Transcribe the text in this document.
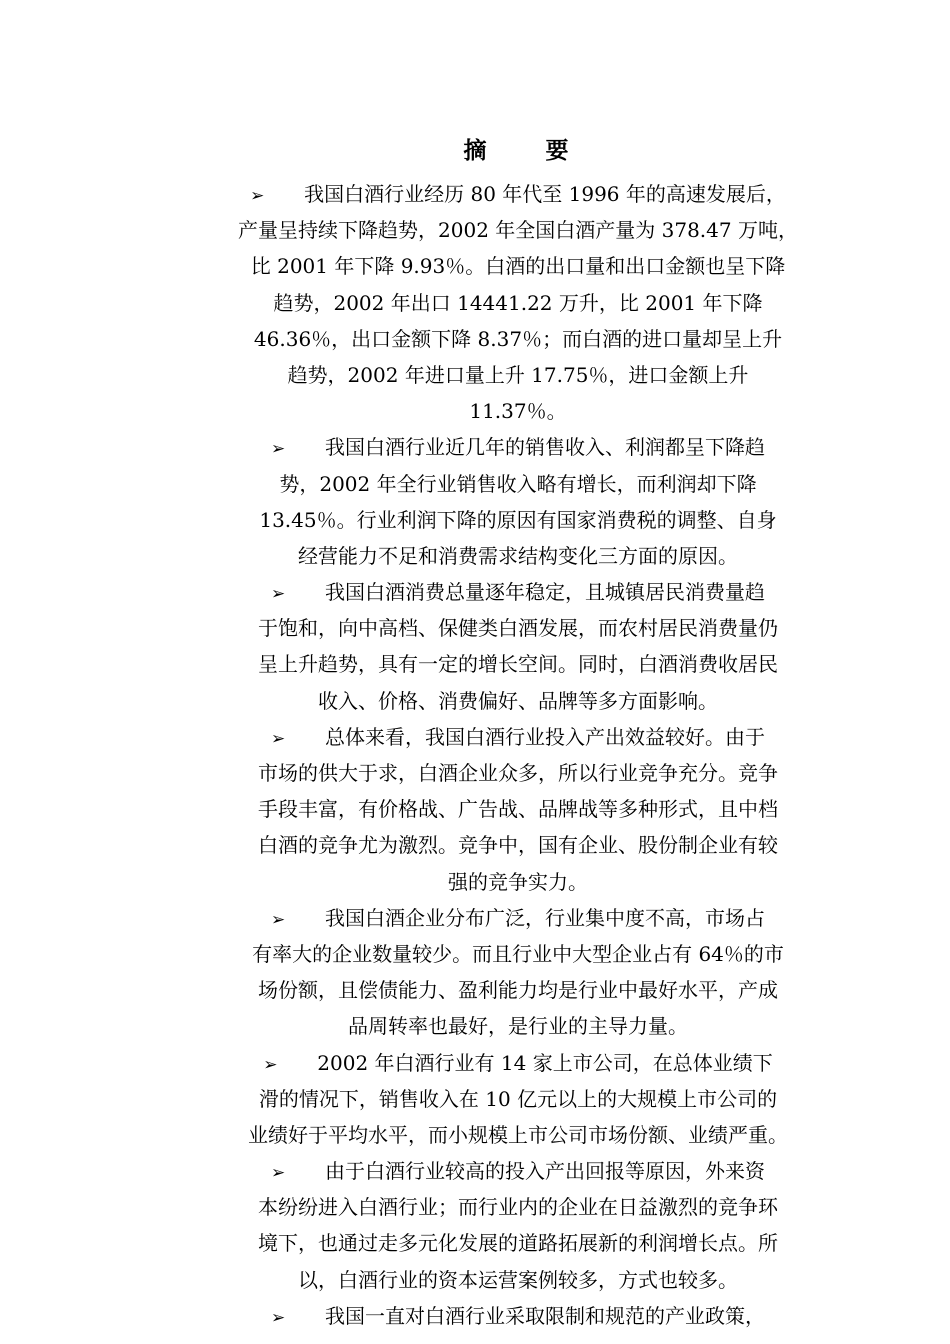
摘　要
➢ 我国白酒行业经历 80 年代至 1996 年的高速发展后，
产量呈持续下降趋势，2002 年全国白酒产量为 378.47 万吨，
比 2001 年下降 9.93％。白酒的出口量和出口金额也呈下降
趋势，2002 年出口 14441.22 万升，比 2001 年下降
46.36％，出口金额下降 8.37％；而白酒的进口量却呈上升
趋势，2002 年进口量上升 17.75％，进口金额上升
11.37％。
➢ 我国白酒行业近几年的销售收入、利润都呈下降趋
势，2002 年全行业销售收入略有增长，而利润却下降
13.45％。行业利润下降的原因有国家消费税的调整、自身
经营能力不足和消费需求结构变化三方面的原因。
➢ 我国白酒消费总量逐年稳定，且城镇居民消费量趋
于饱和，向中高档、保健类白酒发展，而农村居民消费量仍
呈上升趋势，具有一定的增长空间。同时，白酒消费收居民
收入、价格、消费偏好、品牌等多方面影响。
➢ 总体来看，我国白酒行业投入产出效益较好。由于
市场的供大于求，白酒企业众多，所以行业竞争充分。竞争
手段丰富，有价格战、广告战、品牌战等多种形式，且中档
白酒的竞争尤为激烈。竞争中，国有企业、股份制企业有较
强的竞争实力。
➢ 我国白酒企业分布广泛，行业集中度不高，市场占
有率大的企业数量较少。而且行业中大型企业占有 64％的市
场份额，且偿债能力、盈利能力均是行业中最好水平，产成
品周转率也最好，是行业的主导力量。
➢ 2002 年白酒行业有 14 家上市公司，在总体业绩下
滑的情况下，销售收入在 10 亿元以上的大规模上市公司的
业绩好于平均水平，而小规模上市公司市场份额、业绩严重。
➢ 由于白酒行业较高的投入产出回报等原因，外来资
本纷纷进入白酒行业；而行业内的企业在日益激烈的竞争环
境下，也通过走多元化发展的道路拓展新的利润增长点。所
以，白酒行业的资本运营案例较多，方式也较多。
➢ 我国一直对白酒行业采取限制和规范的产业政策，
